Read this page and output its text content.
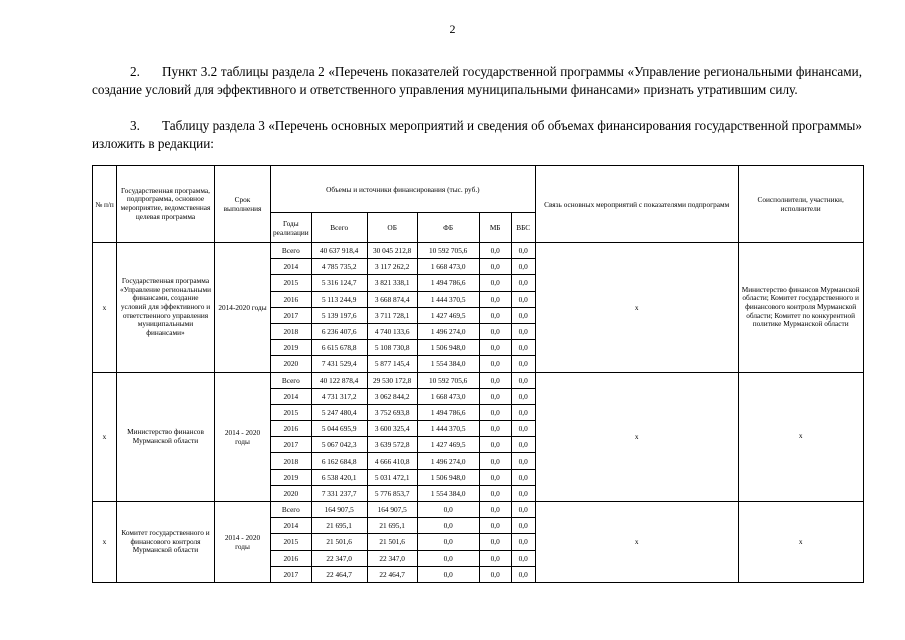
2
2. Пункт 3.2 таблицы раздела 2 «Перечень показателей государственной программы «Управление региональными финансами, создание условий для эффективного и ответственного управления муниципальными финансами» признать утратившим силу.
3. Таблицу раздела 3 «Перечень основных мероприятий и сведения об объемах финансирования государственной программы» изложить в редакции:
№ п/п	Государственная программа, подпрограмма, основное мероприятие, ведомственная целевая программа	Срок выполнения	Объемы и источники финансирования (тыс. руб.)						Связь основных мероприятий с показателями подпрограмм	Соисполнители, участники, исполнители
			Годы реализации	Всего	ОБ	ФБ	МБ	ВБС		
х	Государственная программа «Управление региональными финансами, создание условий для эффективного и ответственного управления муниципальными финансами»	2014-2020 годы	Всего	40 637 918,4	30 045 212,8	10 592 705,6	0,0	0,0	х	Министерство финансов Мурманской области; Комитет государственного и финансового контроля Мурманской области; Комитет по конкурентной политике Мурманской области
			2014	4 785 735,2	3 117 262,2	1 668 473,0	0,0	0,0		
			2015	5 316 124,7	3 821 338,1	1 494 786,6	0,0	0,0		
			2016	5 113 244,9	3 668 874,4	1 444 370,5	0,0	0,0		
			2017	5 139 197,6	3 711 728,1	1 427 469,5	0,0	0,0		
			2018	6 236 407,6	4 740 133,6	1 496 274,0	0,0	0,0		
			2019	6 615 678,8	5 108 730,8	1 506 948,0	0,0	0,0		
			2020	7 431 529,4	5 877 145,4	1 554 384,0	0,0	0,0		
х	Министерство финансов Мурманской области	2014 - 2020 годы	Всего	40 122 878,4	29 530 172,8	10 592 705,6	0,0	0,0	х	х
			2014	4 731 317,2	3 062 844,2	1 668 473,0	0,0	0,0		
			2015	5 247 480,4	3 752 693,8	1 494 786,6	0,0	0,0		
			2016	5 044 695,9	3 600 325,4	1 444 370,5	0,0	0,0		
			2017	5 067 042,3	3 639 572,8	1 427 469,5	0,0	0,0		
			2018	6 162 684,8	4 666 410,8	1 496 274,0	0,0	0,0		
			2019	6 538 420,1	5 031 472,1	1 506 948,0	0,0	0,0		
			2020	7 331 237,7	5 776 853,7	1 554 384,0	0,0	0,0		
х	Комитет государственного и финансового контроля Мурманской области	2014 - 2020 годы	Всего	164 907,5	164 907,5	0,0	0,0	0,0	х	х
			2014	21 695,1	21 695,1	0,0	0,0	0,0		
			2015	21 501,6	21 501,6	0,0	0,0	0,0		
			2016	22 347,0	22 347,0	0,0	0,0	0,0		
			2017	22 464,7	22 464,7	0,0	0,0	0,0		
